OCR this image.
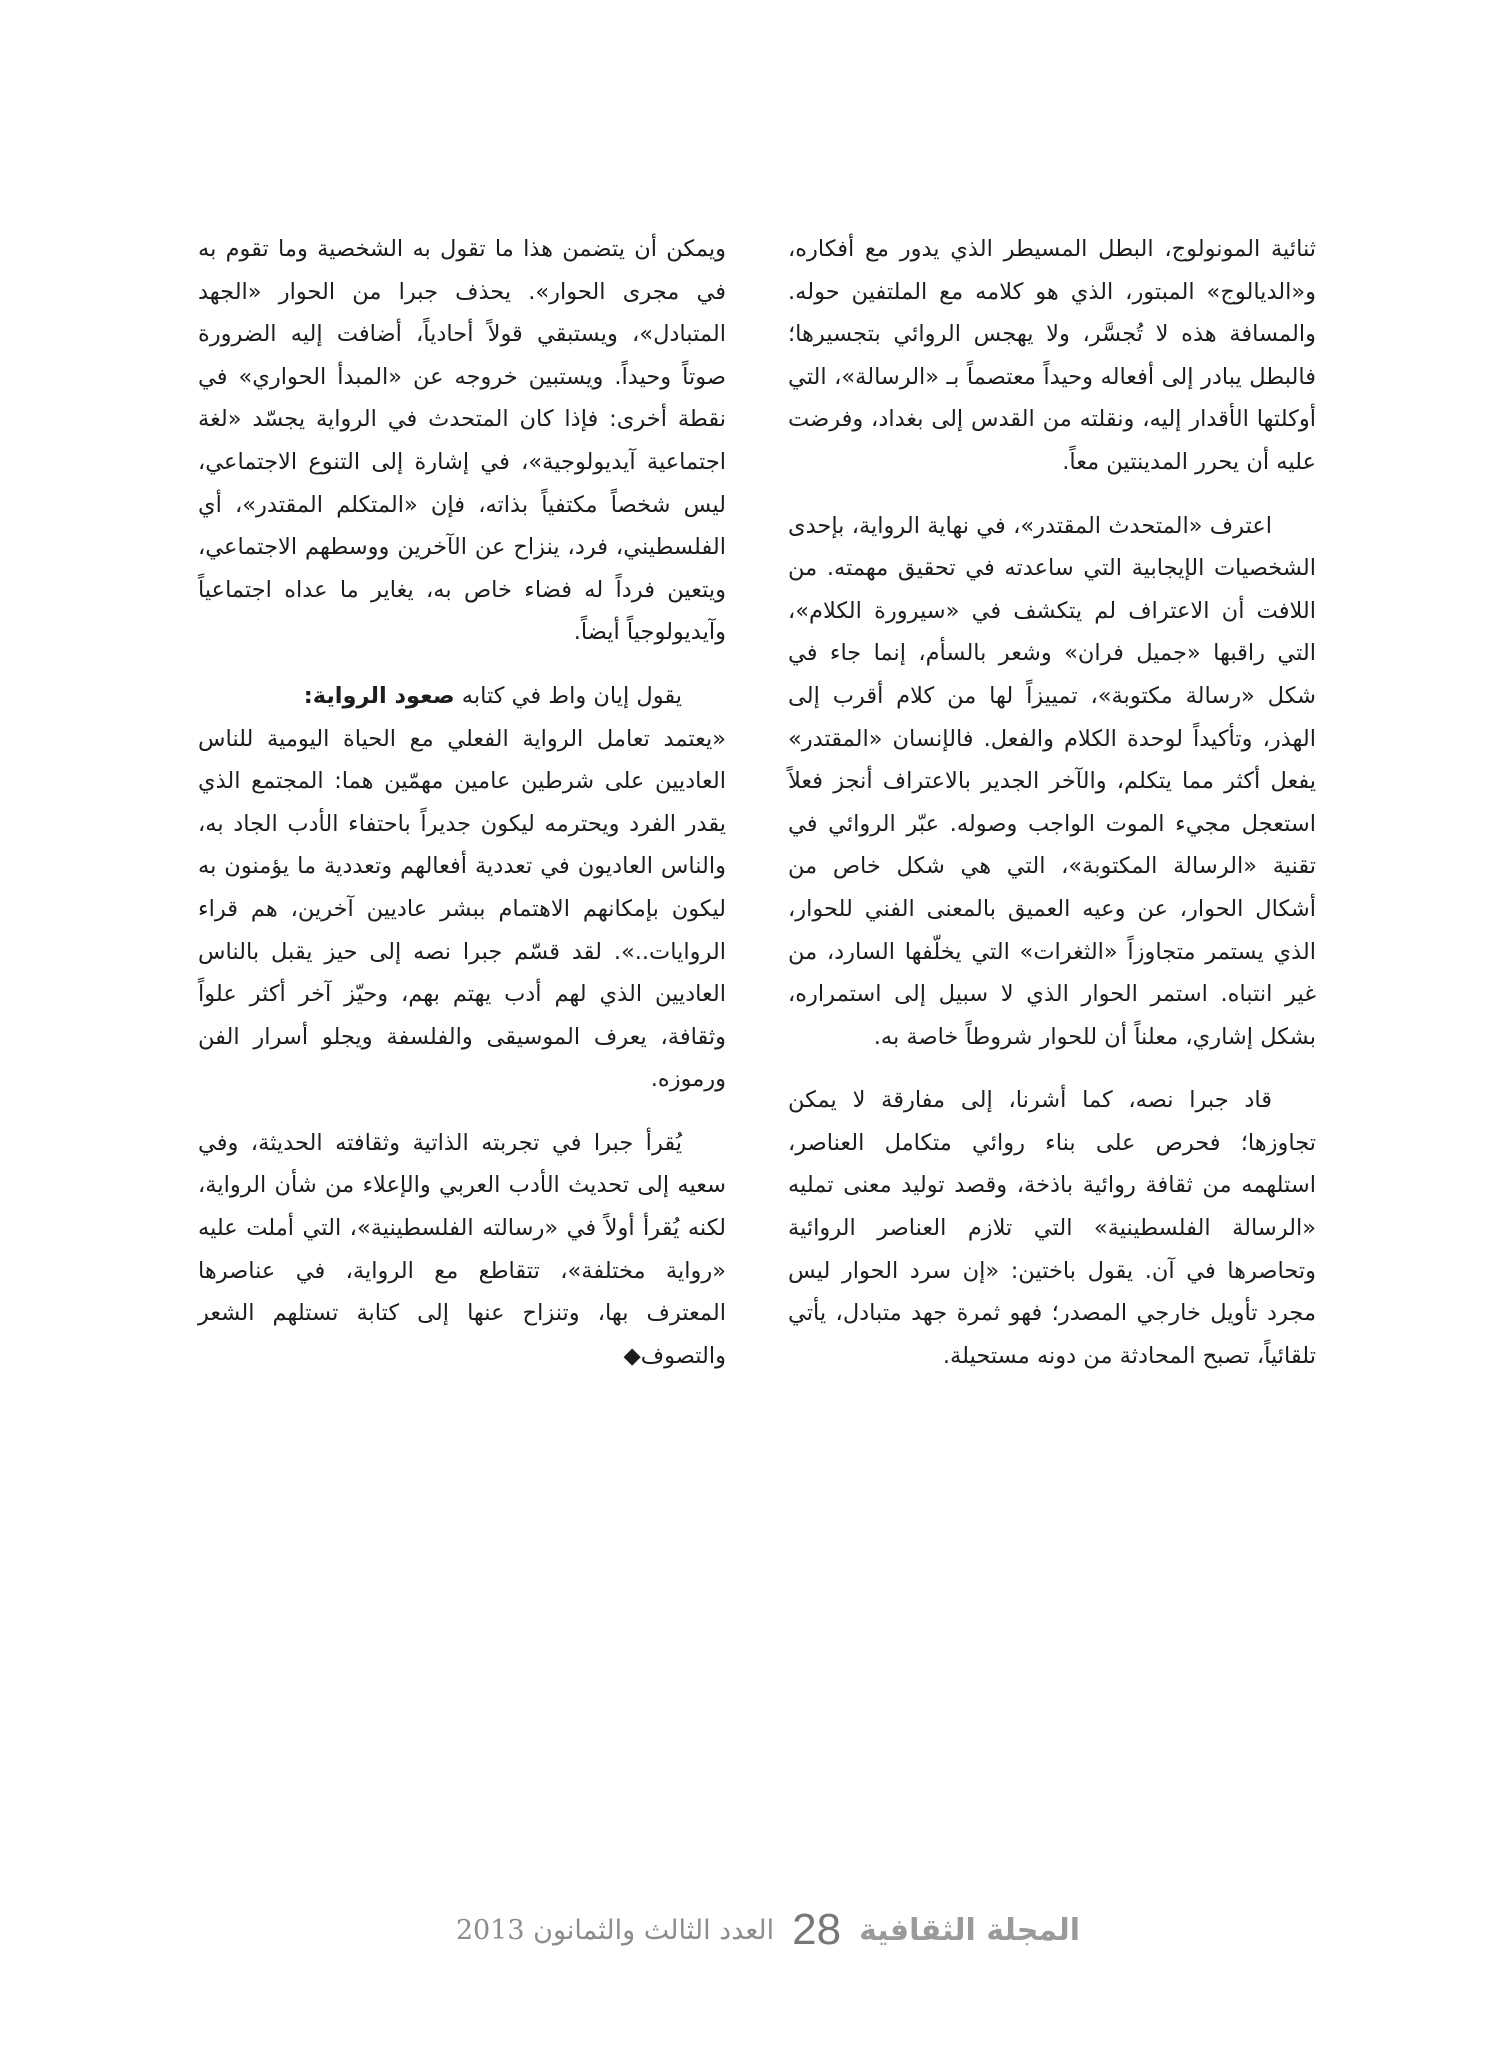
ثنائية المونولوج، البطل المسيطر الذي يدور مع أفكاره، و«الديالوج» المبتور، الذي هو كلامه مع الملتفين حوله. والمسافة هذه لا تُجسَّر، ولا يهجس الروائي بتجسيرها؛ فالبطل يبادر إلى أفعاله وحيداً معتصماً بـ «الرسالة»، التي أوكلتها الأقدار إليه، ونقلته من القدس إلى بغداد، وفرضت عليه أن يحرر المدينتين معاً.

اعترف «المتحدث المقتدر»، في نهاية الرواية، بإحدى الشخصيات الإيجابية التي ساعدته في تحقيق مهمته. من اللافت أن الاعتراف لم يتكشف في «سيرورة الكلام»، التي راقبها «جميل فران» وشعر بالسأم، إنما جاء في شكل «رسالة مكتوبة»، تمييزاً لها من كلام أقرب إلى الهذر، وتأكيداً لوحدة الكلام والفعل. فالإنسان «المقتدر» يفعل أكثر مما يتكلم، والآخر الجدير بالاعتراف أنجز فعلاً استعجل مجيء الموت الواجب وصوله. عبّر الروائي في تقنية «الرسالة المكتوبة»، التي هي شكل خاص من أشكال الحوار، عن وعيه العميق بالمعنى الفني للحوار، الذي يستمر متجاوزاً «الثغرات» التي يخلّفها السارد، من غير انتباه. استمر الحوار الذي لا سبيل إلى استمراره، بشكل إشاري، معلناً أن للحوار شروطاً خاصة به.

قاد جبرا نصه، كما أشرنا، إلى مفارقة لا يمكن تجاوزها؛ فحرص على بناء روائي متكامل العناصر، استلهمه من ثقافة روائية باذخة، وقصد توليد معنى تمليه «الرسالة الفلسطينية» التي تلازم العناصر الروائية وتحاصرها في آن. يقول باختين: «إن سرد الحوار ليس مجرد تأويل خارجي المصدر؛ فهو ثمرة جهد متبادل، يأتي تلقائياً، تصبح المحادثة من دونه مستحيلة.

ويمكن أن يتضمن هذا ما تقول به الشخصية وما تقوم به في مجرى الحوار». يحذف جبرا من الحوار «الجهد المتبادل»، ويستبقي قولاً أحادياً، أضافت إليه الضرورة صوتاً وحيداً. ويستبين خروجه عن «المبدأ الحواري» في نقطة أخرى: فإذا كان المتحدث في الرواية يجسّد «لغة اجتماعية آيديولوجية»، في إشارة إلى التنوع الاجتماعي، ليس شخصاً مكتفياً بذاته، فإن «المتكلم المقتدر»، أي الفلسطيني، فرد، ينزاح عن الآخرين ووسطهم الاجتماعي، ويتعين فرداً له فضاء خاص به، يغاير ما عداه اجتماعياً وآيديولوجياً أيضاً.

يقول إيان واط في كتابه صعود الرواية:
«يعتمد تعامل الرواية الفعلي مع الحياة اليومية للناس العاديين على شرطين عامين مهمّين هما: المجتمع الذي يقدر الفرد ويحترمه ليكون جديراً باحتفاء الأدب الجاد به، والناس العاديون في تعددية أفعالهم وتعددية ما يؤمنون به ليكون بإمكانهم الاهتمام ببشر عاديين آخرين، هم قراء الروايات..». لقد قسّم جبرا نصه إلى حيز يقبل بالناس العاديين الذي لهم أدب يهتم بهم، وحيّز آخر أكثر علواً وثقافة، يعرف الموسيقى والفلسفة ويجلو أسرار الفن ورموزه.

يُقرأ جبرا في تجربته الذاتية وثقافته الحديثة، وفي سعيه إلى تحديث الأدب العربي والإعلاء من شأن الرواية، لكنه يُقرأ أولاً في «رسالته الفلسطينية»، التي أملت عليه «رواية مختلفة»، تتقاطع مع الرواية، في عناصرها المعترف بها، وتنزاح عنها إلى كتابة تستلهم الشعر والتصوف◆

المجلة الثقافية
28
العدد الثالث والثمانون 2013
